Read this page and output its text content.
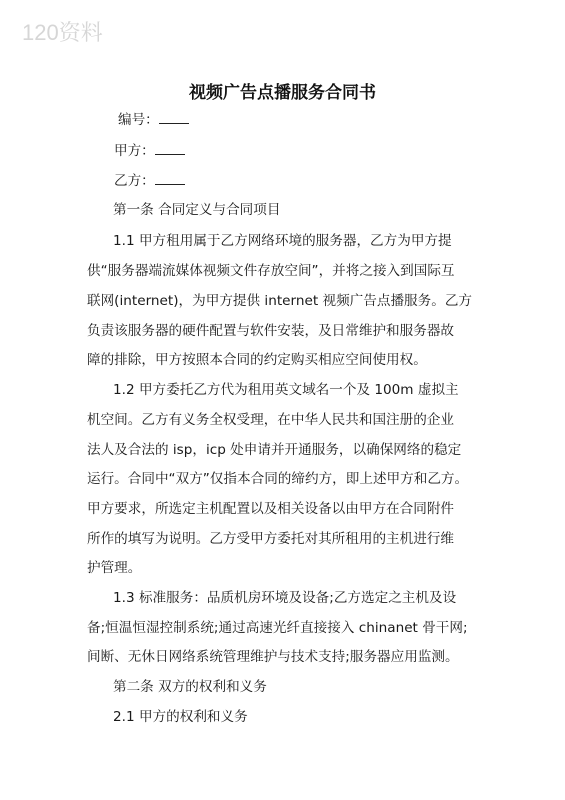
120资料
视频广告点播服务合同书
编号：
甲方：
乙方：
第一条 合同定义与合同项目
1.1 甲方租用属于乙方网络环境的服务器，乙方为甲方提
供“服务器端流媒体视频文件存放空间”，并将之接入到国际互
联网(internet)，为甲方提供 internet 视频广告点播服务。乙方
负责该服务器的硬件配置与软件安装，及日常维护和服务器故
障的排除，甲方按照本合同的约定购买相应空间使用权。
1.2 甲方委托乙方代为租用英文域名一个及 100m 虚拟主
机空间。乙方有义务全权受理，在中华人民共和国注册的企业
法人及合法的 isp，icp 处申请并开通服务，以确保网络的稳定
运行。合同中“双方”仅指本合同的缔约方，即上述甲方和乙方。
甲方要求，所选定主机配置以及相关设备以由甲方在合同附件
所作的填写为说明。乙方受甲方委托对其所租用的主机进行维
护管理。
1.3 标准服务：品质机房环境及设备;乙方选定之主机及设
备;恒温恒湿控制系统;通过高速光纤直接接入 chinanet 骨干网;
间断、无休日网络系统管理维护与技术支持;服务器应用监测。
第二条 双方的权利和义务
2.1 甲方的权利和义务
